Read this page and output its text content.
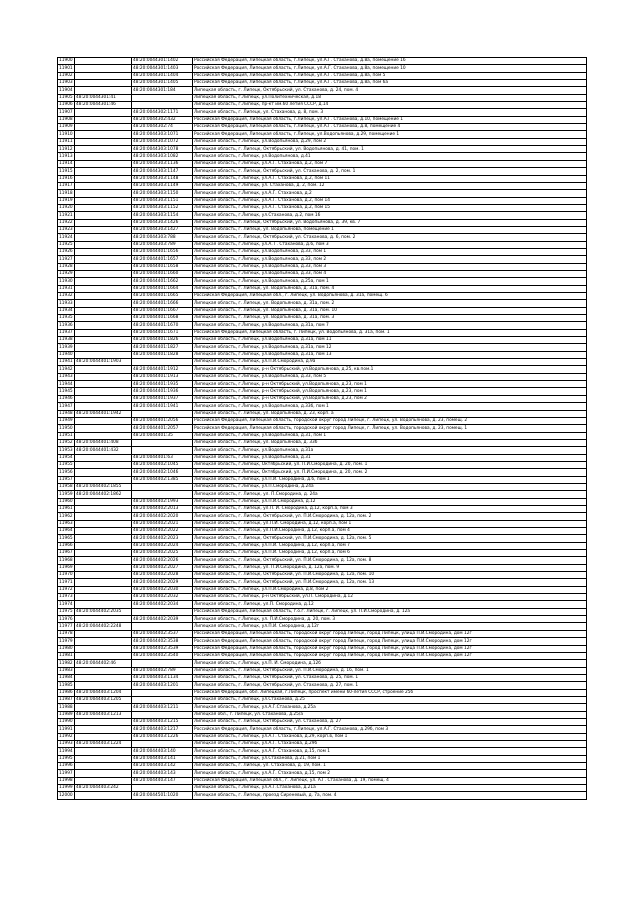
11900		48:20:0044301:1402	Российская Федерация, Липецкая область, г.Липецк, ул.А.Г. Стаханова, д.8а, помещение 16
11901		48:20:0044301:1403	Российская Федерация, Липецкая область, г.Липецк, ул.А.Г. Стаханова, д.8а, помещение 10
11902		48:20:0044301:1404	Российская Федерация, Липецкая область, г.Липецк, ул.А.Г. Стаханова, д.8а, пом 5
11903		48:20:0044301:1405	Российская Федерация, Липецкая область, г.Липецк, ул.А.Г. Стаханова, д.8а, пом 6а
11904		48:20:0044301:184	Липецкая область, г. Липецк, Октябрьский, ул. Стаханова, д. 24, пом. 4
11905	48:20:0044301:41		Липецкая область, г.Липецк, ул.Политехническая, д.18
11906	48:20:0044301:46		Липецкая область, г.Липецк, пр-кт им.60 летия СССР, д.14
11907		48:20:0044302:1171	Липецкая область, г. Липецк, ул. Стаханова, д. 8, пом. 3
11908		48:20:0044302:432	Российская Федерация, Липецкая область, г.Липецк, ул.А.Г. Стаханова, д.10, помещение 1
11909		48:20:0044302:74	Российская Федерация, Липецкая область, г.Липецк, ул.А.Г. Стаханова, д.8, помещение 4
11910		48:20:0044303:1071	Российская Федерация, Липецкая область, г.Липецк, ул.Водопьянова, д.29, помещение 1
11911		48:20:0044303:1072	Липецкая область, г.Липецк, ул.Водопьянова, д.29, пом 2
11912		48:20:0044303:1078	Липецкая область, г. Липецк, Октябрьский, ул. Водопьянова, д. 41, пом. 1
11913		48:20:0044303:1082	Липецкая область, г.Липецк, ул.Водопьянова, д.41
11914		48:20:0044303:1136	Липецкая область, г.Липецк, ул.А.Г. Стаханова, д.2, пом 7
11915		48:20:0044303:1147	Липецкая область, г. Липецк, Октябрьский, ул. Стаханова, д. 2, пом. 1
11916		48:20:0044303:1148	Липецкая область, г.Липецк, ул.А.Г. Стаханова, д.2, пом 11
11917		48:20:0044303:1149	Липецкая область, г.Липецк, ул. Стаханова, д. 2, пом. 12
11918		48:20:0044303:1150	Липецкая область, г.Липецк, ул.А.Г. Стаханова, д.2
11919		48:20:0044303:1151	Липецкая область, г.Липецк, ул.А.Г. Стаханова, д.2, пом 14
11920		48:20:0044303:1152	Липецкая область, г.Липецк, ул.А.Г. Стаханова, д.2, пом 15
11921		48:20:0044303:1154	Липецкая область, г.Липецк, ул.Стаханова, д.2, пом 16
11922		48:20:0044303:1426	Липецкая область, г. Липецк, Октябрьский, ул. Водопьянова, д. 39, кв. 7
11923		48:20:0044303:1427	Липецкая область, г. Липецк, ул. Водопьянова, помещение 1
11924		48:20:0044303:788	Липецкая область, г. Липецк, Октябрьский, ул. Стаханова, д. 6, пом. 2
11925		48:20:0044303:789	Липецкая область, г.Липецк, ул.А. Г. Стаханова, д.6, пом 3
11926		48:20:0044401:1656	Липецкая область, г.Липецк, ул.Водопьянова, д.33, пом 1
11927		48:20:0044401:1657	Липецкая область, г.Липецк, ул.Водопьянова, д.33, пом 2
11928		48:20:0044401:1658	Липецкая область, г.Липецк, ул.Водопьянова, д.33, пом 3
11929		48:20:0044401:1660	Липецкая область, г.Липецк, ул.Водопьянова, д.33, пом 4
11930		48:20:0044401:1662	Липецкая область, г.Липецк, ул.Водопьянова, д.25а, пом 1
11931		48:20:0044401:1664	Липецкая область, г. Липецк, ул. Водопьянова, д. 31а, пом. 4
11932		48:20:0044401:1665	Российская Федерация, Липецкая обл., г. Липецк, ул. Водопьянова, д. 31а, помещ. 6
11933		48:20:0044401:1666	Липецкая область, г. Липецк, ул. Водопьянова, д. 31а, пом. 2
11934		48:20:0044401:1667	Липецкая область, г. Липецк, ул. Водопьянова, д. 31а, пом. 10
11935		48:20:0044401:1668	Липецкая область, г. Липецк, ул. Водопьянова, д. 31а, пом. 3
11936		48:20:0044401:1670	Липецкая область, г.Липецк, ул.Водопьянова, д.31а, пом 7
11937		48:20:0044401:1671	Российская Федерация, Липецкая область, г. Липецк, ул. Водопьянова, д. 31а, пом. 1
11938		48:20:0044401:1826	Липецкая область, г.Липецк, ул.Водопьянова, д.31а, пом 11
11939		48:20:0044401:1827	Липецкая область, г.Липецк, ул.Водопьянова, д.31а, пом 12
11940		48:20:0044401:1828	Липецкая область, г.Липецк, ул.Водопьянова, д.31а, пом 13
11941	48:20:0044401:1903		Липецкая область, г.Липецк, ул.П.И.Смородина, д.9а
11942		48:20:0044401:1912	Липецкая область, г.Липецк, р-н Октябрьский, ул.Водопьянова, д.25, кв.пом.1
11943		48:20:0044401:1913	Липецкая область, г.Липецк, ул.Водопьянова, д.33, пом 5
11944		48:20:0044401:1935	Липецкая область, г.Липецк, р-н Октябрьский, ул.Водопьянова, д.23, пом 1
11945		48:20:0044401:1936	Липецкая область, г.Липецк, р-н Октябрьский, ул.Водопьянова, д.23, пом 1
11946		48:20:0044401:1937	Липецкая область, г.Липецк, р-н Октябрьский, ул.Водопьянова, д.23, пом 2
11947		48:20:0044401:1941	Липецкая область, г.Липецк, ул.Водопьянова, д.33б, пом 1
11948	48:20:0044401:1942		Липецкая область, г. Липецк, ул. Водопьянова, д. 23, корп. а
11949		48:20:0044401:2056	Российская Федерация, Липецкая область, городской округ город Липецк, г. Липецк, ул. Водопьянова, д. 23, помещ. 2
11950		48:20:0044401:2057	Российская Федерация, Липецкая область, городской округ город Липецк, г. Липецк, ул. Водопьянова, д. 23, помещ. 1
11951		48:20:0044401:35	Липецкая область, г.Липецк, ул.Водопьянова, д.31, пом 1
11952	48:20:0044401:408		Липецкая область, г. Липецк, ул. Водопьянова, д. 33б
11953	48:20:0044401:432		Липецкая область, г.Липецк, ул.Водопьянова, д.31а
11954		48:20:0044401:63	Липецкая область, г.Липецк, ул.Водопьянова, д.31
11955		48:20:0044402:1045	Липецкая область, г.Липецк, Октябрьский, ул. П.И.Смородина, д. 20, пом. 1
11956		48:20:0044402:1046	Липецкая область, г.Липецк, Октябрьский, ул. П.И.Смородина, д. 20, пом. 2
11957		48:20:0044402:1385	Липецкая область, г.Липецк, ул.П.И. Смородина, д.6, пом 1
11958	48:20:0044402:1855		Липецкая область, г.Липецк, ул.П.Смородина, д.24а
11959	48:20:0044402:1862		Липецкая область, г. Липецк, ул. П.Смородина, д. 24а
11960		48:20:0044402:1993	Липецкая область, г.Липецк, ул.П.И.Смородина, д.12
11961		48:20:0044402:2013	Липецкая область, г. Липецк, ул.П. И. Смородина, д.12, корп.а, пом 3
11962		48:20:0044402:2020	Липецкая область, г. Липецк, Октябрьский, ул. П.И.Смородина, д. 12а, пом. 2
11963		48:20:0044402:2021	Липецкая область, г. Липецк, ул.П.И. Смородина, д.12, корп.а, пом 1
11964		48:20:0044402:2022	Липецкая область, г. Липецк, ул.П.И.Смородина, д.12, корп.а, пом 4
11965		48:20:0044402:2023	Липецкая область, г. Липецк, Октябрьский, ул. П.И.Смородина, д. 12а, пом. 5
11966		48:20:0044402:2024	Липецкая область, г.Липецк, ул.П.И. Смородина, д.12, корп.а, пом 7
11967		48:20:0044402:2025	Липецкая область, г.Липецк, ул.П.И. Смородина, д.12, корп.а, пом 6
11968		48:20:0044402:2026	Липецкая область, г. Липецк, Октябрьский, ул. П.И.Смородина, д. 12а, пом. 8
11969		48:20:0044402:2027	Липецкая область, г. Липецк, ул. П.И.Смородина, д. 12а, пом. 9
11970		48:20:0044402:2028	Липецкая область, г. Липецк, Октябрьский, ул. П.И.Смородина, д. 12а, пом. 10
11971		48:20:0044402:2029	Липецкая область, г. Липецк, Октябрьский, ул. П.И.Смородина, д. 12а, пом. 13
11972		48:20:0044402:2030	Липецкая область, г.Липецк, ул.П.И.Смородина, д.8, пом 2
11973		48:20:0044402:2032	Липецкая область, г.Липецк, р-н Октябрьский, ул.П. Смородина, д.12
11974		48:20:0044402:2034	Липецкая область, г. Липецк, ул.П. Смородина, д.12
11975	48:20:0044402:2035		Российская Федерация, Липецкая область, г.о.г. Липецк, г. Липецк, ул. П.И.Смородина, д. 12а
11976		48:20:0044402:2039	Липецкая область, г.Липецк, ул. П.И.Смородина, д. 20, пом. 3
11977	48:20:0044402:2248		Липецкая область, г.Липецк, ул.П.И. Смородина, д.12г
11978		48:20:0044402:3537	Российская Федерация, Липецкая область, городской округ город Липецк, город Липецк, улица П.И.Смородина, дом 12г
11979		48:20:0044402:3538	Российская Федерация, Липецкая область, городской округ город Липецк, город Липецк, улица П.И.Смородина, дом 12г
11980		48:20:0044402:3539	Российская Федерация, Липецкая область, городской округ город Липецк, город Липецк, улица П.И.Смородина, дом 12г
11981		48:20:0044402:3540	Российская Федерация, Липецкая область, городской округ город Липецк, город Липецк, улица П.И.Смородина, дом 12г
11982	48:20:0044402:46		Липецкая область, г.Липецк, ул.П. И. Смородина, д.12б
11983		48:20:0044402:789	Липецкая область, г. Липецк, Октябрьский, ул. П.И.Смородина, д. 16, пом. 1
11984		48:20:0044403:1134	Липецкая область, г. Липецк, Октябрьский, ул. Стаханова, д. 25, пом. 1
11985		48:20:0044403:1201	Липецкая область, г. Липецк, Октябрьский, ул. Стаханова, д. 27, пом. 1
11986	48:20:0044403:1204		Российская Федерация, обл. Липецкая, г.Липецк, проспект имени 60-летия СССР, строение 25б
11987	48:20:0044403:1205		Липецкая область, г.Липецк, ул.Стаханова, д.25
11988		48:20:0044403:1211	Липецкая область, г.Липецк, ул.А.Г.Стаханова, д.25а
11989	48:20:0044403:1213		Липецкая обл., г. Липецк, ул. Стаханова, д.25/а
11990		48:20:0044403:1215	Липецкая область, г. Липецк, Октябрьский, ул. Стаханова, д. 27
11991		48:20:0044403:1217	Российская Федерация, Липецкая область, г.Липецк, ул.А.Г. Стаханова, д.29б, пом 3
11992		48:20:0044403:1226	Липецкая область, г.Липецк, ул.А.Г. Стаханова, д.29, корп.в, пом 1
11993	48:20:0044403:1224		Липецкая область, г.Липецк, ул.А.Г. Стаханова, д.29б
11994		48:20:0044403:140	Липецкая область, г.Липецк, ул.А.Г. Стаханова, д.15, пом 1
11995		48:20:0044403:141	Липецкая область, г.Липецк, ул.Стаханова, д.21, пом 1
11996		48:20:0044403:142	Липецкая область, г. Липецк, ул. Стаханова, д. 19, пом. 1
11997		48:20:0044403:143	Липецкая область, г.Липецк, ул.А.Г. Стаханова, д.15, пом 2
11998		48:20:0044403:147	Российская Федерация, Липецкая обл., г. Липецк, ул. А.Г. Стаханова, д. 19, помещ. 4
11999	48:20:0044403:242		Липецкая область, г.Липецк, ул.А.Г.Стаханова, д.21а
12000		48:20:0044501:1020	Липецкая область, г. Липецк, проезд Сиреневый, д. 7а, пом. 4
